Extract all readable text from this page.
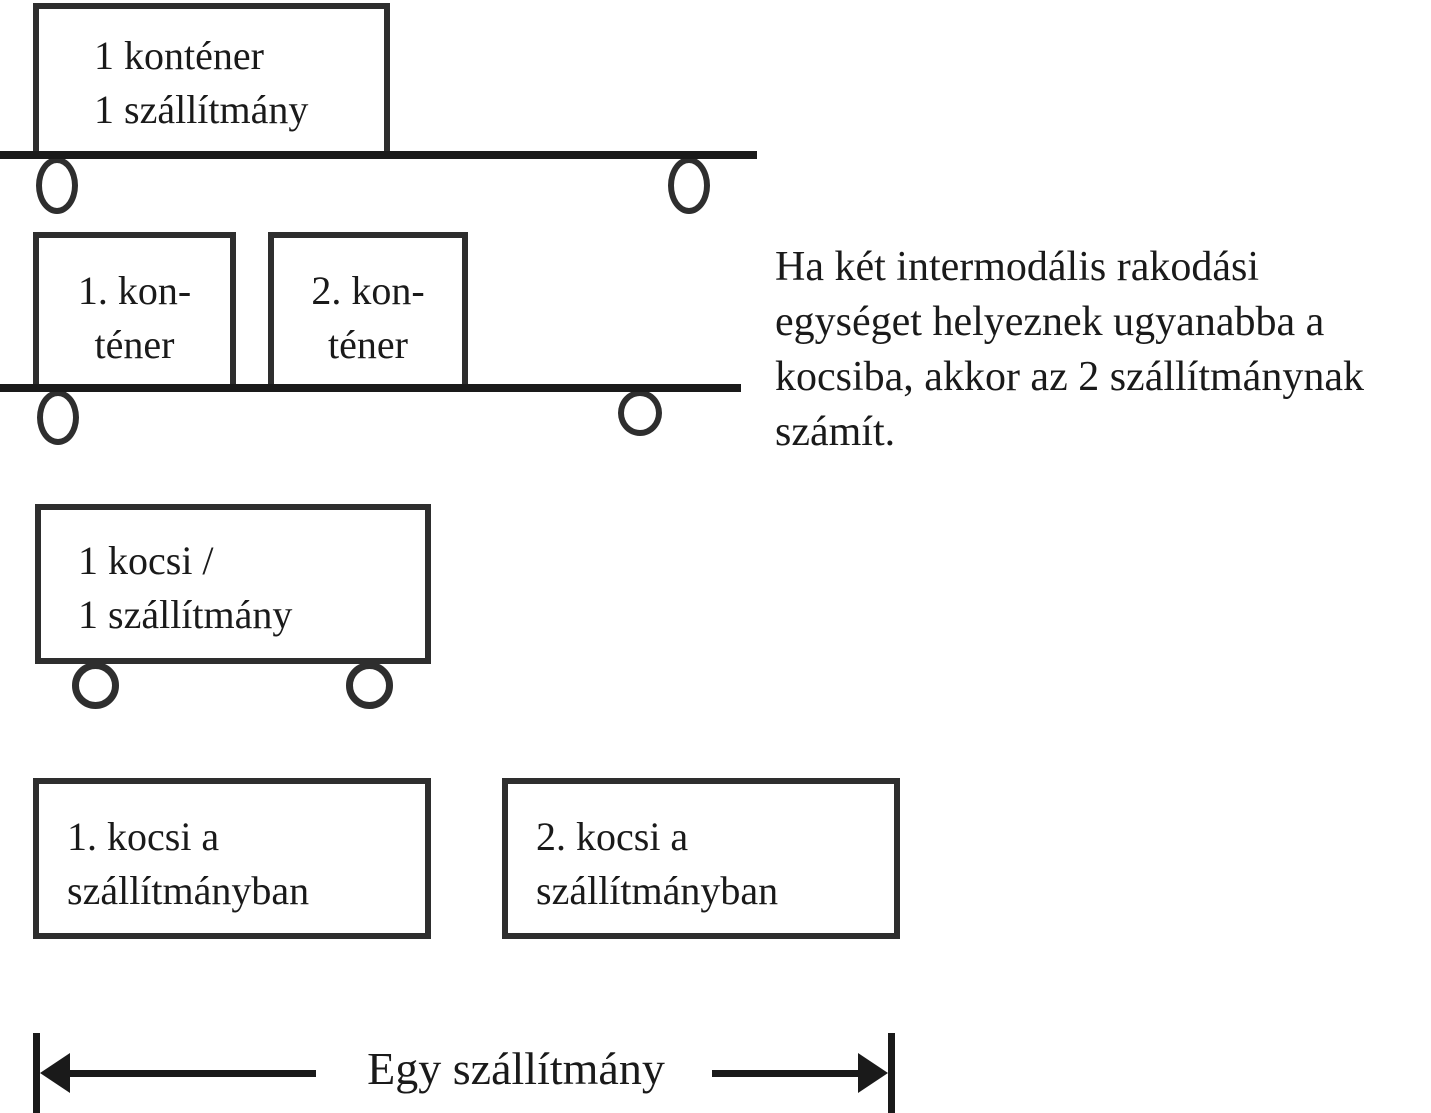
1 konténer
1 szállítmány
1. kon-
téner
2. kon-
téner
Ha két intermodális rakodási
egységet helyeznek ugyanabba a
kocsiba, akkor az 2 szállítmánynak
számít.
1 kocsi /
1 szállítmány
1. kocsi a
szállítmányban
2. kocsi a
szállítmányban
Egy szállítmány
